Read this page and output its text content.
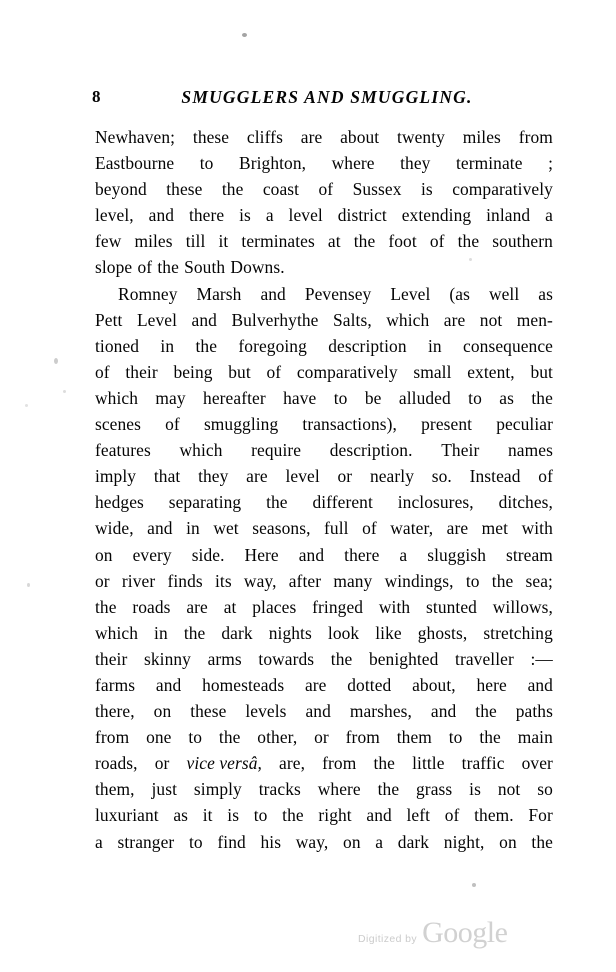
8	SMUGGLERS AND SMUGGLING.
Newhaven; these cliffs are about twenty miles from
Eastbourne to Brighton, where they terminate ;
beyond these the coast of Sussex is comparatively
level, and there is a level district extending inland a
few miles till it terminates at the foot of the southern
slope of the South Downs.
Romney Marsh and Pevensey Level (as well as
Pett Level and Bulverhythe Salts, which are not men-
tioned in the foregoing description in consequence
of their being but of comparatively small extent, but
which may hereafter have to be alluded to as the
scenes of smuggling transactions), present peculiar
features which require description. Their names
imply that they are level or nearly so. Instead of
hedges separating the different inclosures, ditches,
wide, and in wet seasons, full of water, are met with
on every side. Here and there a sluggish stream
or river finds its way, after many windings, to the sea;
the roads are at places fringed with stunted willows,
which in the dark nights look like ghosts, stretching
their skinny arms towards the benighted traveller :—
farms and homesteads are dotted about, here and
there, on these levels and marshes, and the paths
from one to the other, or from them to the main
roads, or vice versâ, are, from the little traffic over
them, just simply tracks where the grass is not so
luxuriant as it is to the right and left of them. For
a stranger to find his way, on a dark night, on the
Digitized by Google
